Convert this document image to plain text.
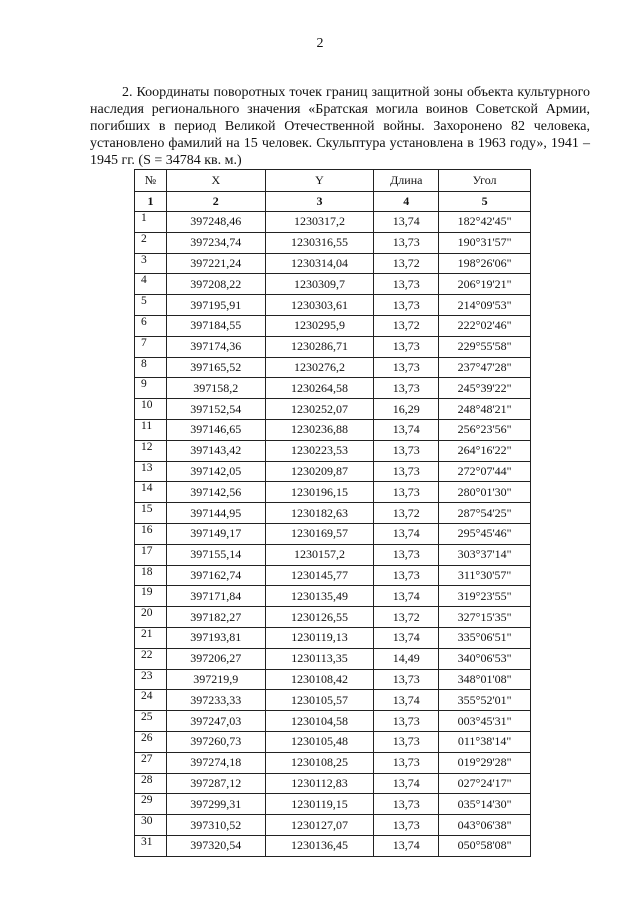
2

2. Координаты поворотных точек границ защитной зоны объекта культурного наследия регионального значения «Братская могила воинов Советской Армии, погибших в период Великой Отечественной войны. Захоронено 82 человека, установлено фамилий на 15 человек. Скульптура установлена в 1963 году», 1941 – 1945 гг. (S = 34784 кв. м.)

№	X	Y	Длина	Угол
1	2	3	4	5
1	397248,46	1230317,2	13,74	182°42'45"
2	397234,74	1230316,55	13,73	190°31'57"
3	397221,24	1230314,04	13,72	198°26'06"
4	397208,22	1230309,7	13,73	206°19'21"
5	397195,91	1230303,61	13,73	214°09'53"
6	397184,55	1230295,9	13,72	222°02'46"
7	397174,36	1230286,71	13,73	229°55'58"
8	397165,52	1230276,2	13,73	237°47'28"
9	397158,2	1230264,58	13,73	245°39'22"
10	397152,54	1230252,07	16,29	248°48'21"
11	397146,65	1230236,88	13,74	256°23'56"
12	397143,42	1230223,53	13,73	264°16'22"
13	397142,05	1230209,87	13,73	272°07'44"
14	397142,56	1230196,15	13,73	280°01'30"
15	397144,95	1230182,63	13,72	287°54'25"
16	397149,17	1230169,57	13,74	295°45'46"
17	397155,14	1230157,2	13,73	303°37'14"
18	397162,74	1230145,77	13,73	311°30'57"
19	397171,84	1230135,49	13,74	319°23'55"
20	397182,27	1230126,55	13,72	327°15'35"
21	397193,81	1230119,13	13,74	335°06'51"
22	397206,27	1230113,35	14,49	340°06'53"
23	397219,9	1230108,42	13,73	348°01'08"
24	397233,33	1230105,57	13,74	355°52'01"
25	397247,03	1230104,58	13,73	003°45'31"
26	397260,73	1230105,48	13,73	011°38'14"
27	397274,18	1230108,25	13,73	019°29'28"
28	397287,12	1230112,83	13,74	027°24'17"
29	397299,31	1230119,15	13,73	035°14'30"
30	397310,52	1230127,07	13,73	043°06'38"
31	397320,54	1230136,45	13,74	050°58'08"
